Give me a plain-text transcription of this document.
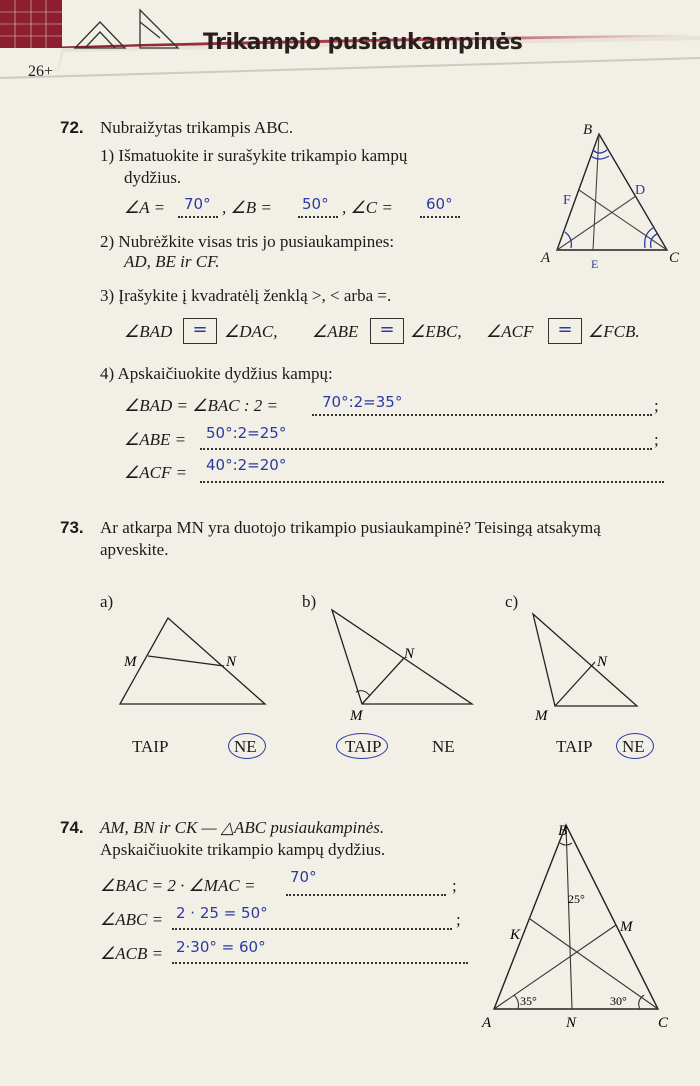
Trikampio pusiaukampinės
26+
72. Nubraižytas trikampis ABC.
1) Išmatuokite ir surašykite trikampio kampų
dydžius.
∠A = 70° , ∠B = 50° , ∠C = 60°
2) Nubrėžkite visas tris jo pusiaukampines:
AD, BE ir CF.
3) Įrašykite į kvadratėlį ženklą >, < arba =.
∠BAD	= ∠DAC, ∠ABE	= ∠EBC, ∠ACF	= ∠FCB.
4) Apskaičiuokite dydžius kampų:
∠BAD = ∠BAC : 2 =	70°:2=35°	;
∠ABE = 50°:2=25°	;
∠ACF = 40°:2=20°
F
D
E
B
A	C
73. Ar atkarpa MN yra duotojo trikampio pusiaukampinė? Teisingą atsakymą
apveskite.
a)	b)	c)
M	N	N
M
N
M
TAIP	NE	TAIP	NE	TAIP NE
74. AM, BN ir CK — △ABC pusiaukampinės.
Apskaičiuokite trikampio kampų dydžius.
∠BAC = 2 · ∠MAC = 70°	;
∠ABC = 2 · 25 = 50°	;
∠ACB = 2·30° = 60°
B
A	C
K	M
N
35°
25°
30°
